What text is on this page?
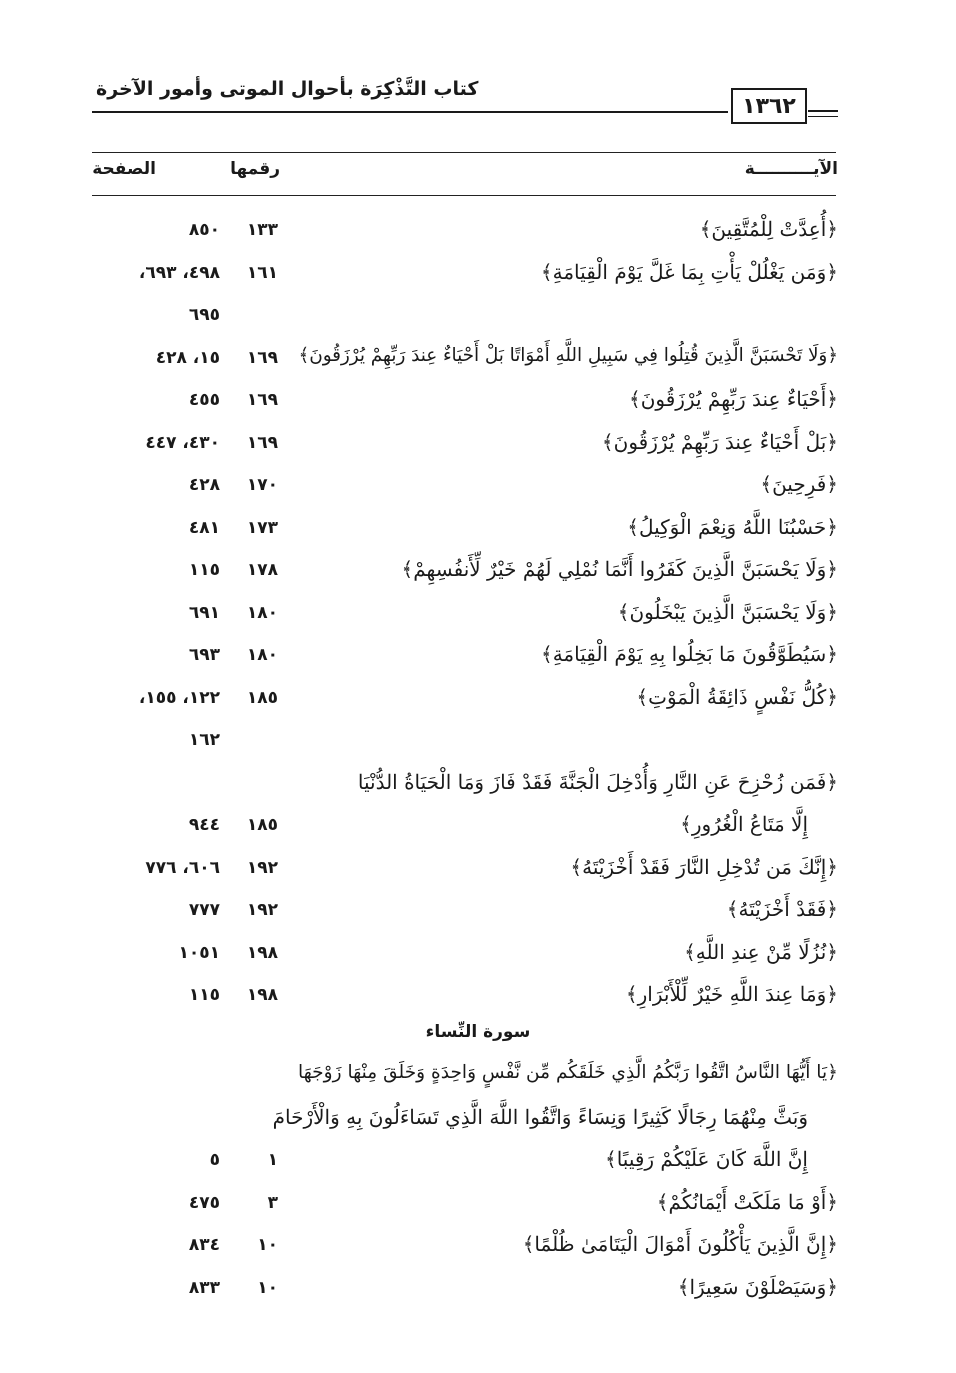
كتاب التَّذْكِرَة بأحوال الموتى وأمور الآخرة
١٣٦٢
الآيــــــــــة
رقمها
الصفحة
﴿أُعِدَّتْ لِلْمُتَّقِينَ﴾
١٣٣
٨٥٠
﴿وَمَن يَغْلُلْ يَأْتِ بِمَا غَلَّ يَوْمَ الْقِيَامَةِ﴾
١٦١
٤٩٨، ٦٩٣،
٦٩٥
﴿وَلَا تَحْسَبَنَّ الَّذِينَ قُتِلُوا فِي سَبِيلِ اللَّهِ أَمْوَاتًا بَلْ أَحْيَاءٌ عِندَ رَبِّهِمْ يُرْزَقُونَ﴾
١٦٩
١٥، ٤٢٨
﴿أَحْيَاءٌ عِندَ رَبِّهِمْ يُرْزَقُونَ﴾
١٦٩
٤٥٥
﴿بَلْ أَحْيَاءٌ عِندَ رَبِّهِمْ يُرْزَقُونَ﴾
١٦٩
٤٣٠، ٤٤٧
﴿فَرِحِينَ﴾
١٧٠
٤٢٨
﴿حَسْبُنَا اللَّهُ وَنِعْمَ الْوَكِيلُ﴾
١٧٣
٤٨١
﴿وَلَا يَحْسَبَنَّ الَّذِينَ كَفَرُوا أَنَّمَا نُمْلِي لَهُمْ خَيْرٌ لِّأَنفُسِهِمْ﴾
١٧٨
١١٥
﴿وَلَا يَحْسَبَنَّ الَّذِينَ يَبْخَلُونَ﴾
١٨٠
٦٩١
﴿سَيُطَوَّقُونَ مَا بَخِلُوا بِهِ يَوْمَ الْقِيَامَةِ﴾
١٨٠
٦٩٣
﴿كُلُّ نَفْسٍ ذَائِقَةُ الْمَوْتِ﴾
١٨٥
١٢٢، ١٥٥،
١٦٢
﴿فَمَن زُحْزِحَ عَنِ النَّارِ وَأُدْخِلَ الْجَنَّةَ فَقَدْ فَازَ وَمَا الْحَيَاةُ الدُّنْيَا
إِلَّا مَتَاعُ الْغُرُورِ﴾
١٨٥
٩٤٤
﴿إِنَّكَ مَن تُدْخِلِ النَّارَ فَقَدْ أَخْزَيْتَهُ﴾
١٩٢
٦٠٦، ٧٧٦
﴿فَقَدْ أَخْزَيْتَهُ﴾
١٩٢
٧٧٧
﴿نُزُلًا مِّنْ عِندِ اللَّهِ﴾
١٩٨
١٠٥١
﴿وَمَا عِندَ اللَّهِ خَيْرٌ لِّلْأَبْرَارِ﴾
١٩٨
١١٥
سورة النِّساء
﴿يَا أَيُّهَا النَّاسُ اتَّقُوا رَبَّكُمُ الَّذِي خَلَقَكُم مِّن نَّفْسٍ وَاحِدَةٍ وَخَلَقَ مِنْهَا زَوْجَهَا
وَبَثَّ مِنْهُمَا رِجَالًا كَثِيرًا وَنِسَاءً وَاتَّقُوا اللَّهَ الَّذِي تَسَاءَلُونَ بِهِ وَالْأَرْحَامَ
إِنَّ اللَّهَ كَانَ عَلَيْكُمْ رَقِيبًا﴾
١
٥
﴿أَوْ مَا مَلَكَتْ أَيْمَانُكُمْ﴾
٣
٤٧٥
﴿إِنَّ الَّذِينَ يَأْكُلُونَ أَمْوَالَ الْيَتَامَىٰ ظُلْمًا﴾
١٠
٨٣٤
﴿وَسَيَصْلَوْنَ سَعِيرًا﴾
١٠
٨٣٣
